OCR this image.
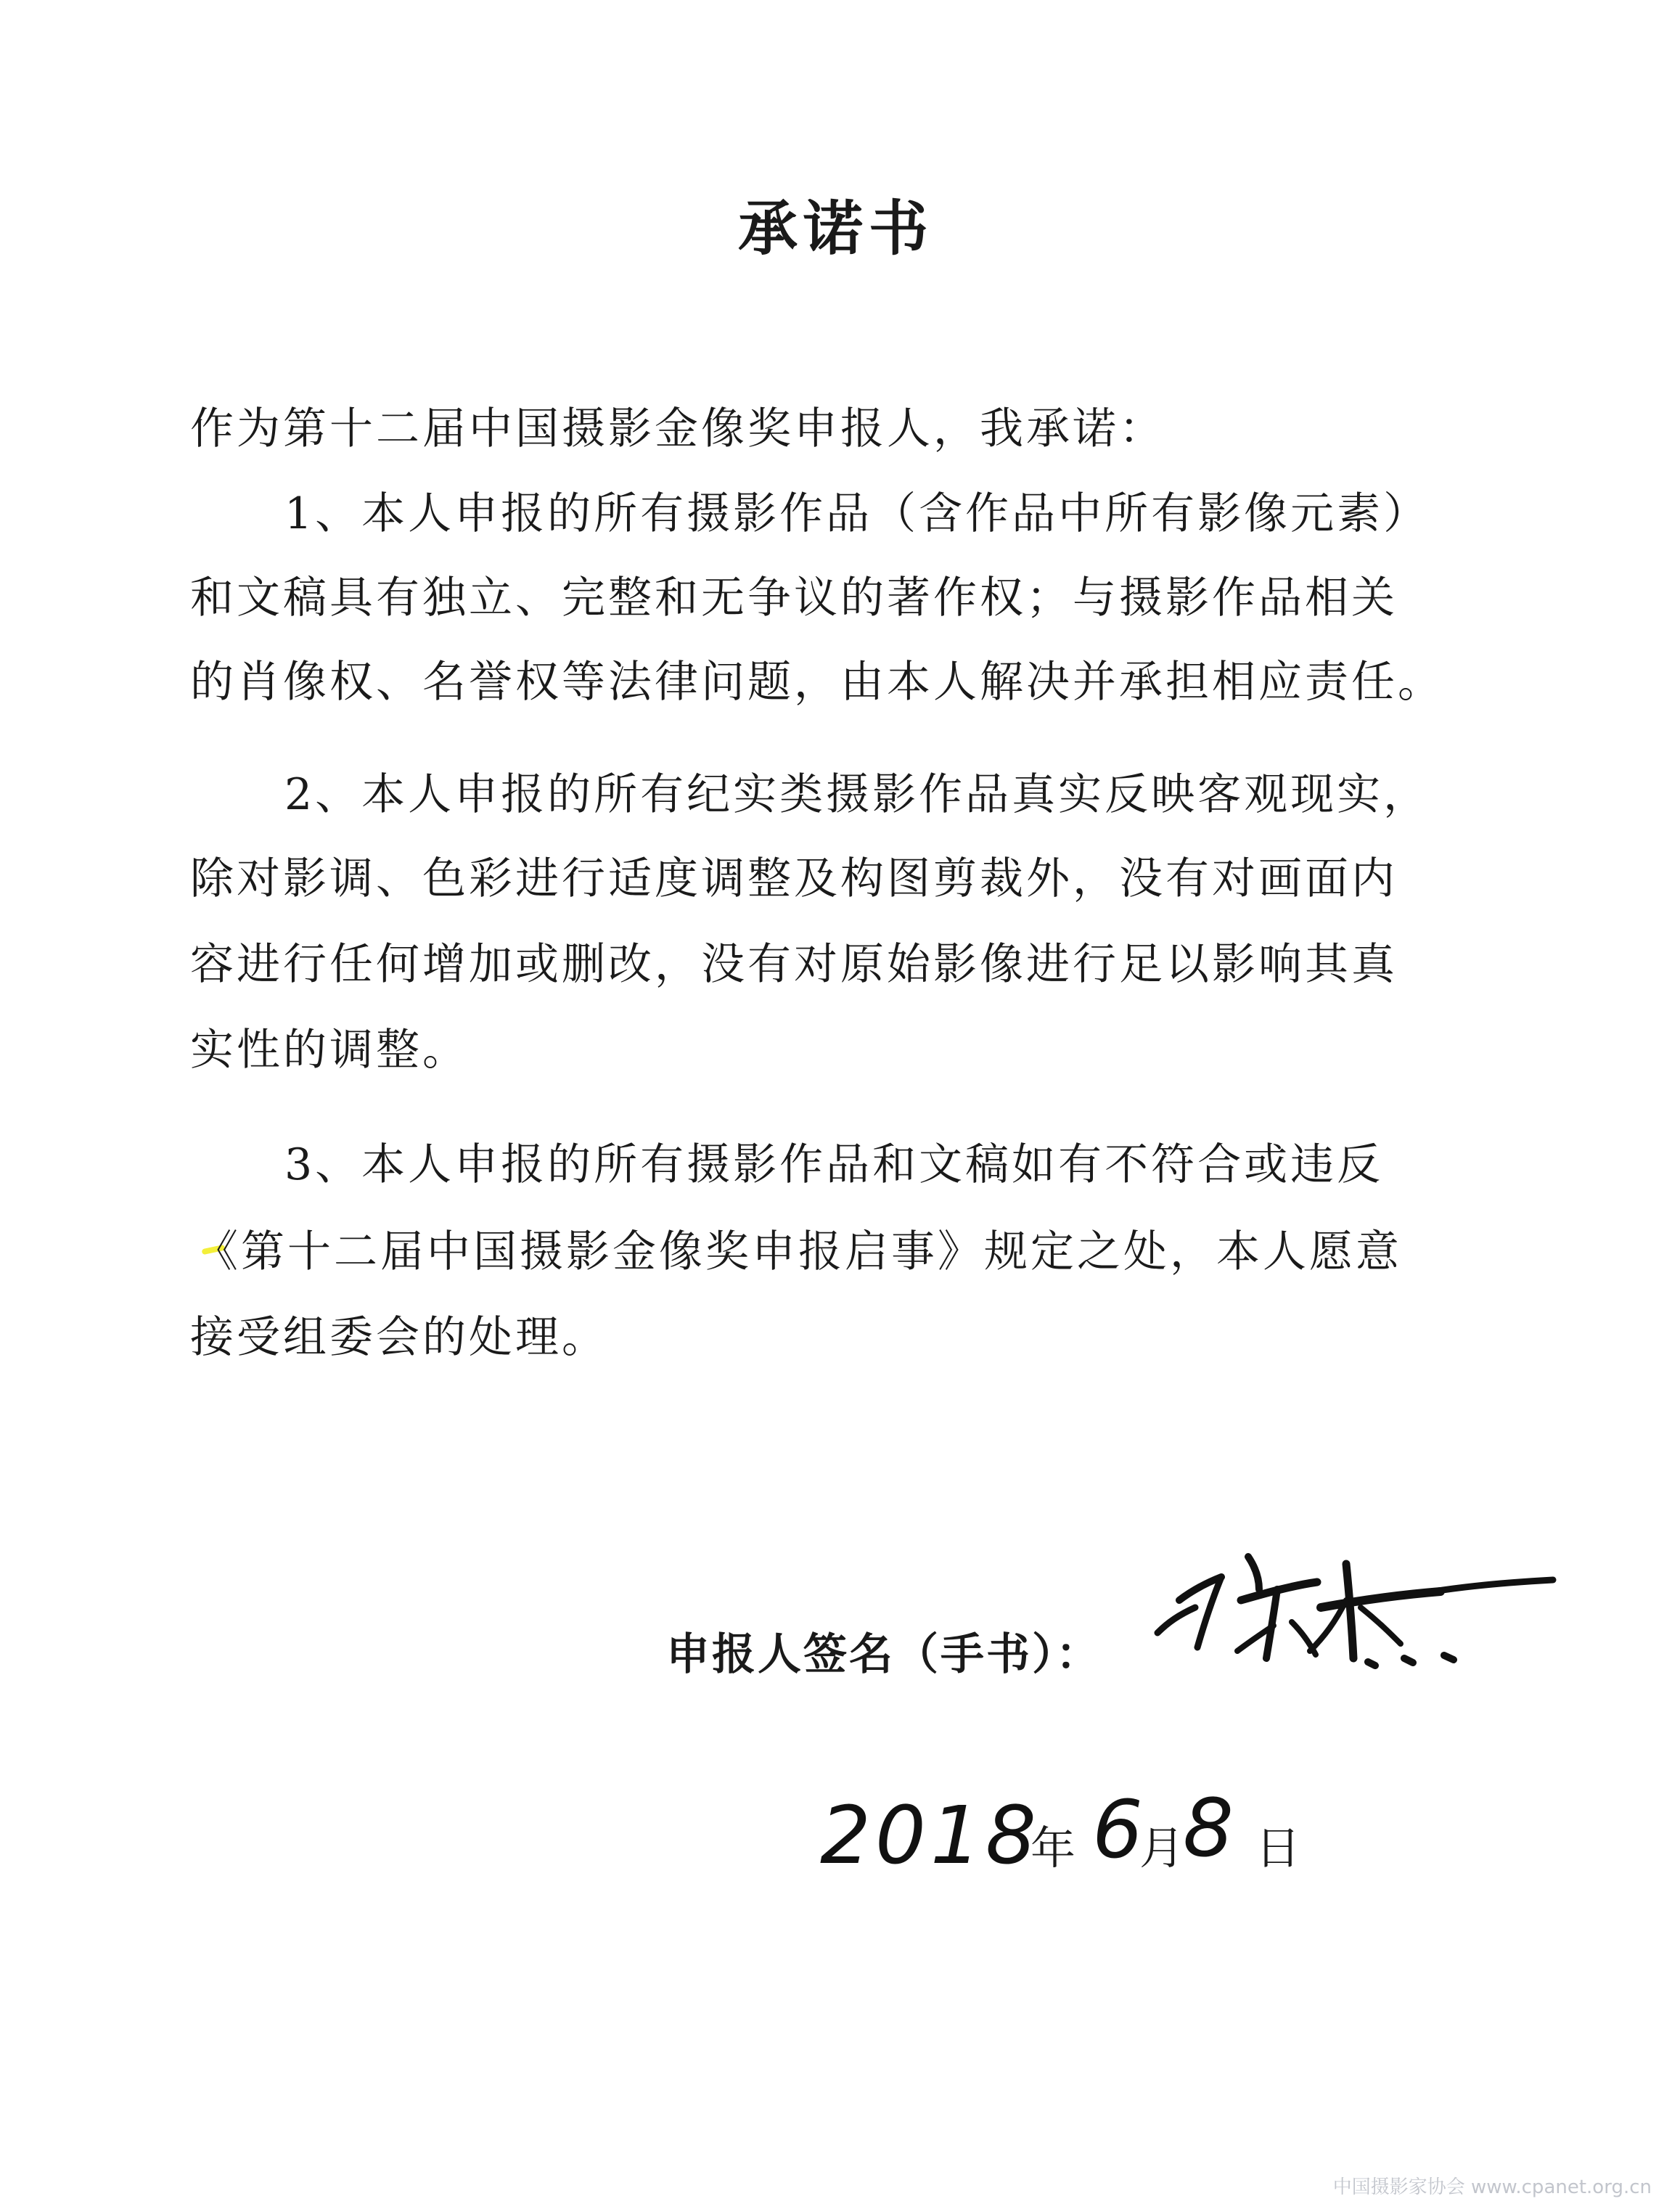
承诺书
作为第十二届中国摄影金像奖申报人，我承诺：
1、本人申报的所有摄影作品（含作品中所有影像元素）
和文稿具有独立、完整和无争议的著作权；与摄影作品相关
的肖像权、名誉权等法律问题，由本人解决并承担相应责任。
2、本人申报的所有纪实类摄影作品真实反映客观现实，
除对影调、色彩进行适度调整及构图剪裁外，没有对画面内
容进行任何增加或删改，没有对原始影像进行足以影响其真
实性的调整。
3、本人申报的所有摄影作品和文稿如有不符合或违反
《第十二届中国摄影金像奖申报启事》规定之处，本人愿意
接受组委会的处理。
申报人签名（手书）：
2018
年 6
月
8 日
中国摄影家协会 www.cpanet.org.cn
